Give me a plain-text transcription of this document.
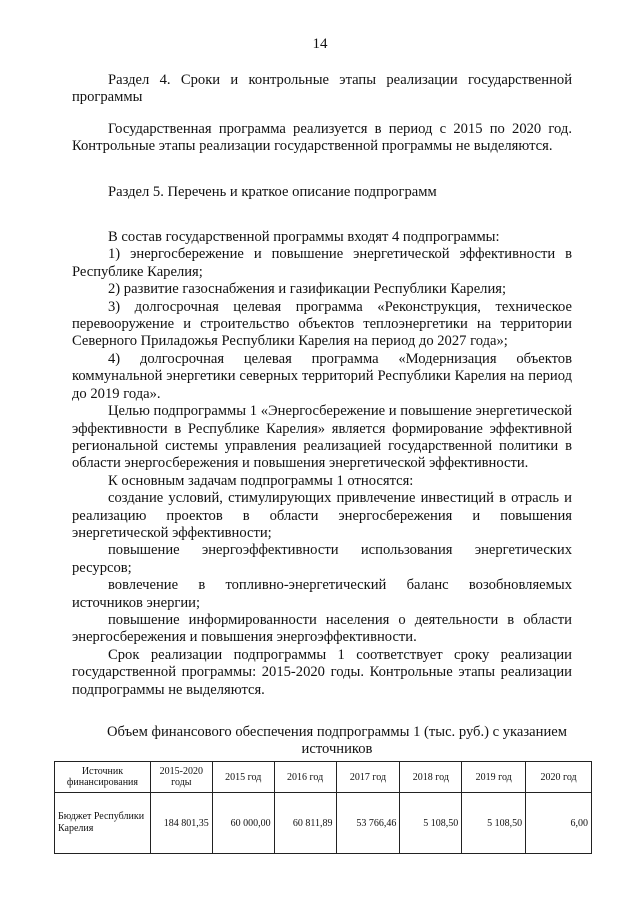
14

Раздел 4. Сроки и контрольные этапы реализации государственной программы

Государственная программа реализуется в период с 2015 по 2020 год. Контрольные этапы реализации государственной программы не выделяются.

Раздел 5. Перечень и краткое описание подпрограмм

В состав государственной программы входят 4 подпрограммы:

1) энергосбережение и повышение энергетической эффективности в Республике Карелия;

2) развитие газоснабжения и газификации Республики Карелия;

3) долгосрочная целевая программа «Реконструкция, техническое перевооружение и строительство объектов теплоэнергетики на территории Северного Приладожья Республики Карелия на период до 2027 года»;

4) долгосрочная целевая программа «Модернизация объектов коммунальной энергетики северных территорий Республики Карелия на период до 2019 года».

Целью подпрограммы 1 «Энергосбережение и повышение энергетической эффективности в Республике Карелия» является формирование эффективной региональной системы управления реализацией государственной политики в области энергосбережения и повышения энергетической эффективности.

К основным задачам подпрограммы 1 относятся:

создание условий, стимулирующих привлечение инвестиций в отрасль и реализацию проектов в области энергосбережения и повышения энергетической эффективности;

повышение энергоэффективности использования энергетических ресурсов;

вовлечение в топливно-энергетический баланс возобновляемых источников энергии;

повышение информированности населения о деятельности в области энергосбережения и повышения энергоэффективности.

Срок реализации подпрограммы 1 соответствует сроку реализации государственной программы: 2015-2020 годы. Контрольные этапы реализации подпрограммы не выделяются.

Объем финансового обеспечения подпрограммы 1 (тыс. руб.) с указанием источников
Источник финансирования	2015-2020 годы	2015 год	2016 год	2017 год	2018 год	2019 год	2020 год
Бюджет Республики Карелия	184 801,35	60 000,00	60 811,89	53 766,46	5 108,50	5 108,50	6,00
